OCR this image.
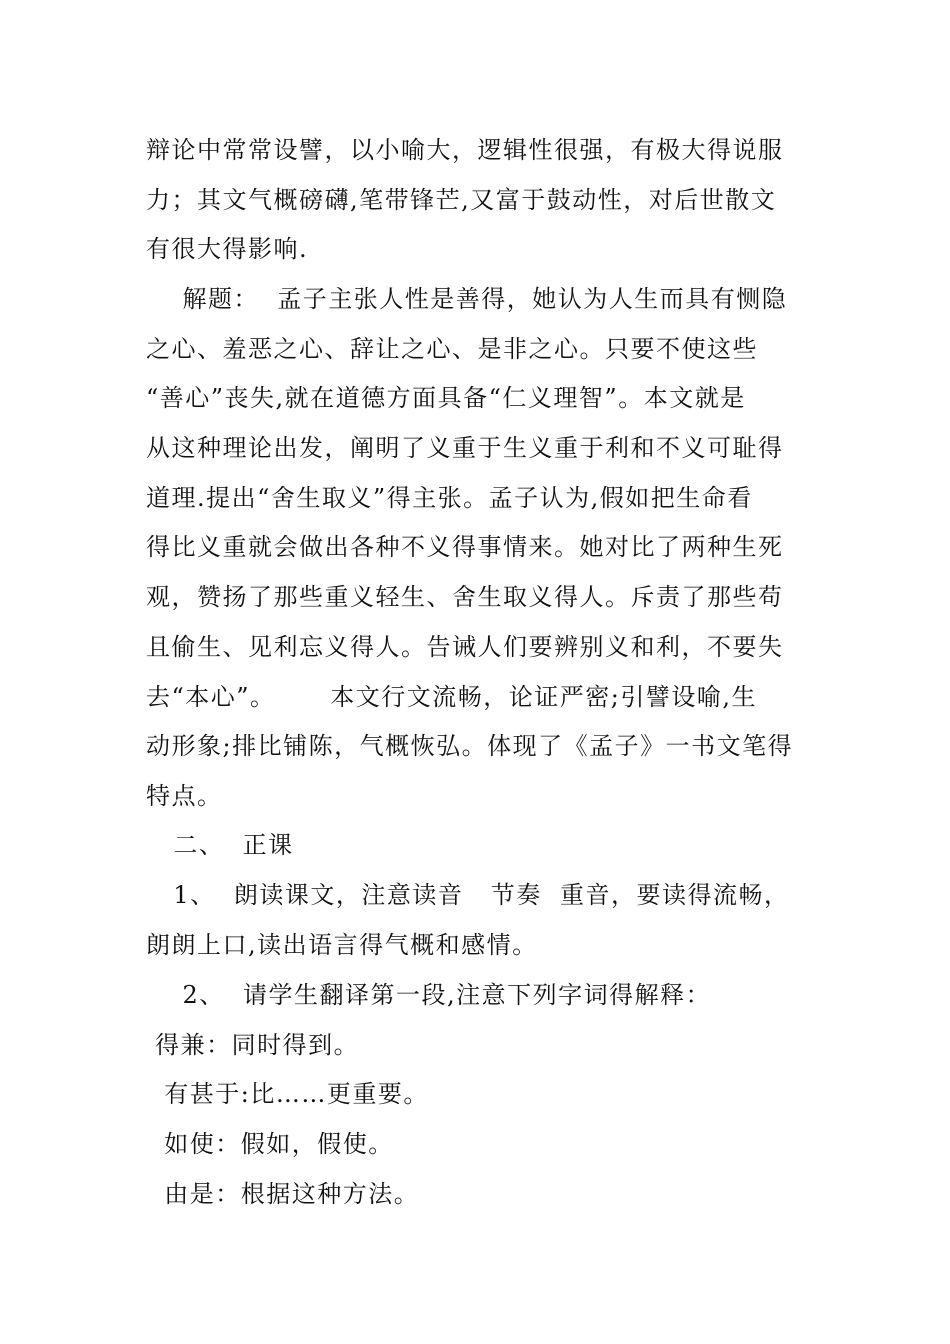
辩论中常常设譬，以小喻大，逻辑性很强，有极大得说服
力；其文气概磅礴,笔带锋芒,又富于鼓动性，对后世散文
有很大得影响.
解题：  孟子主张人性是善得，她认为人生而具有恻隐
之心、羞恶之心、辞让之心、是非之心。只要不使这些
“善心”丧失,就在道德方面具备“仁义理智”。本文就是
从这种理论出发，阐明了义重于生义重于利和不义可耻得
道理.提出“舍生取义”得主张。孟子认为,假如把生命看
得比义重就会做出各种不义得事情来。她对比了两种生死
观，赞扬了那些重义轻生、舍生取义得人。斥责了那些苟
且偷生、见利忘义得人。告诫人们要辨别义和利，不要失
去“本心”。      本文行文流畅，论证严密;引譬设喻,生
动形象;排比铺陈，气概恢弘。体现了《孟子》一书文笔得
特点。
二、  正课
1、  朗读课文，注意读音   节奏  重音，要读得流畅，
朗朗上口,读出语言得气概和感情。
2、  请学生翻译第一段,注意下列字词得解释：
得兼：同时得到。
有甚于:比……更重要。
如使：假如，假使。
由是：根据这种方法。
